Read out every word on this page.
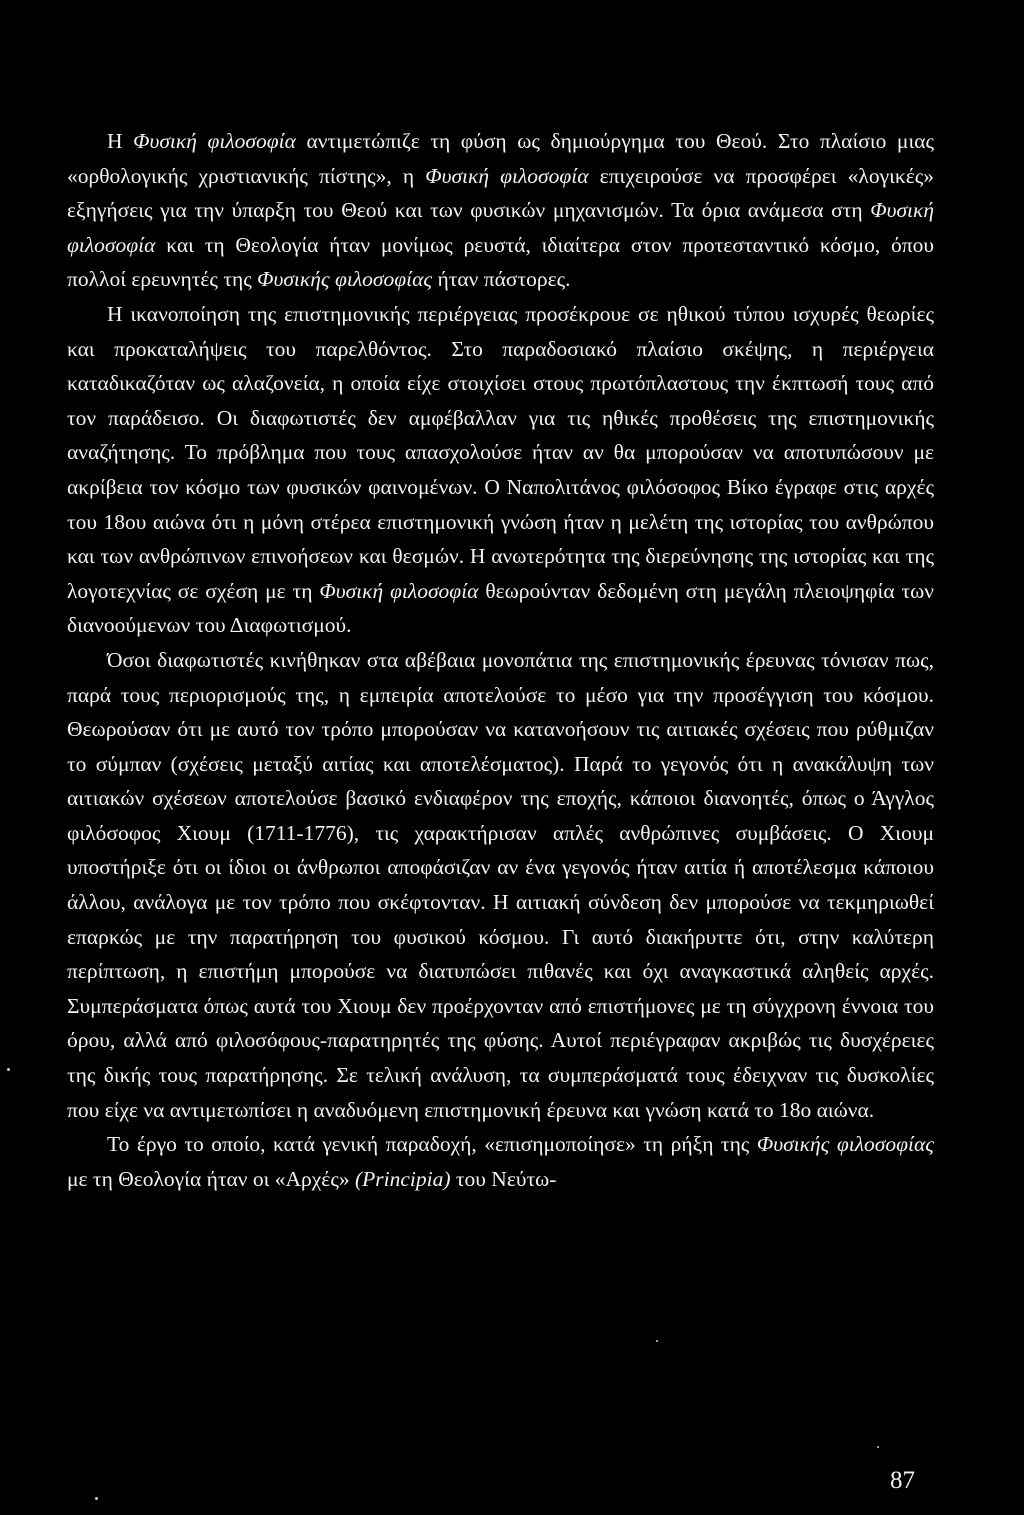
Η Φυσική φιλοσοφία αντιμετώπιζε τη φύση ως δημιούργημα του Θεού. Στο πλαίσιο μιας «ορθολογικής χριστιανικής πίστης», η Φυσική φιλοσοφία επιχειρούσε να προσφέρει «λογικές» εξηγήσεις για την ύπαρξη του Θεού και των φυσικών μηχανισμών. Τα όρια ανάμεσα στη Φυσική φιλοσοφία και τη Θεολογία ήταν μονίμως ρευστά, ιδιαίτερα στον προτεσταντικό κόσμο, όπου πολλοί ερευνητές της Φυσικής φιλοσοφίας ήταν πάστορες.

Η ικανοποίηση της επιστημονικής περιέργειας προσέκρουε σε ηθικού τύπου ισχυρές θεωρίες και προκαταλήψεις του παρελθόντος. Στο παραδοσιακό πλαίσιο σκέψης, η περιέργεια καταδικαζόταν ως αλαζονεία, η οποία είχε στοιχίσει στους πρωτόπλαστους την έκπτωσή τους από τον παράδεισο. Οι διαφωτιστές δεν αμφέβαλλαν για τις ηθικές προθέσεις της επιστημονικής αναζήτησης. Το πρόβλημα που τους απασχολούσε ήταν αν θα μπορούσαν να αποτυπώσουν με ακρίβεια τον κόσμο των φυσικών φαινομένων. Ο Ναπολιτάνος φιλόσοφος Βίκο έγραφε στις αρχές του 18ου αιώνα ότι η μόνη στέρεα επιστημονική γνώση ήταν η μελέτη της ιστορίας του ανθρώπου και των ανθρώπινων επινοήσεων και θεσμών. Η ανωτερότητα της διερεύνησης της ιστορίας και της λογοτεχνίας σε σχέση με τη Φυσική φιλοσοφία θεωρούνταν δεδομένη στη μεγάλη πλειοψηφία των διανοούμενων του Διαφωτισμού.

Όσοι διαφωτιστές κινήθηκαν στα αβέβαια μονοπάτια της επιστημονικής έρευνας τόνισαν πως, παρά τους περιορισμούς της, η εμπειρία αποτελούσε το μέσο για την προσέγγιση του κόσμου. Θεωρούσαν ότι με αυτό τον τρόπο μπορούσαν να κατανοήσουν τις αιτιακές σχέσεις που ρύθμιζαν το σύμπαν (σχέσεις μεταξύ αιτίας και αποτελέσματος). Παρά το γεγονός ότι η ανακάλυψη των αιτιακών σχέσεων αποτελούσε βασικό ενδιαφέρον της εποχής, κάποιοι διανοητές, όπως ο Άγγλος φιλόσοφος Χιουμ (1711-1776), τις χαρακτήρισαν απλές ανθρώπινες συμβάσεις. Ο Χιουμ υποστήριξε ότι οι ίδιοι οι άνθρωποι αποφάσιζαν αν ένα γεγονός ήταν αιτία ή αποτέλεσμα κάποιου άλλου, ανάλογα με τον τρόπο που σκέφτονταν. Η αιτιακή σύνδεση δεν μπορούσε να τεκμηριωθεί επαρκώς με την παρατήρηση του φυσικού κόσμου. Γι αυτό διακήρυττε ότι, στην καλύτερη περίπτωση, η επιστήμη μπορούσε να διατυπώσει πιθανές και όχι αναγκαστικά αληθείς αρχές. Συμπεράσματα όπως αυτά του Χιουμ δεν προέρχονταν από επιστήμονες με τη σύγχρονη έννοια του όρου, αλλά από φιλοσόφους-παρατηρητές της φύσης. Αυτοί περιέγραφαν ακριβώς τις δυσχέρειες της δικής τους παρατήρησης. Σε τελική ανάλυση, τα συμπεράσματά τους έδειχναν τις δυσκολίες που είχε να αντιμετωπίσει η αναδυόμενη επιστημονική έρευνα και γνώση κατά το 18ο αιώνα.

Το έργο το οποίο, κατά γενική παραδοχή, «επισημοποίησε» τη ρήξη της Φυσικής φιλοσοφίας με τη Θεολογία ήταν οι «Αρχές» (Principia) του Νεύτω-

87
